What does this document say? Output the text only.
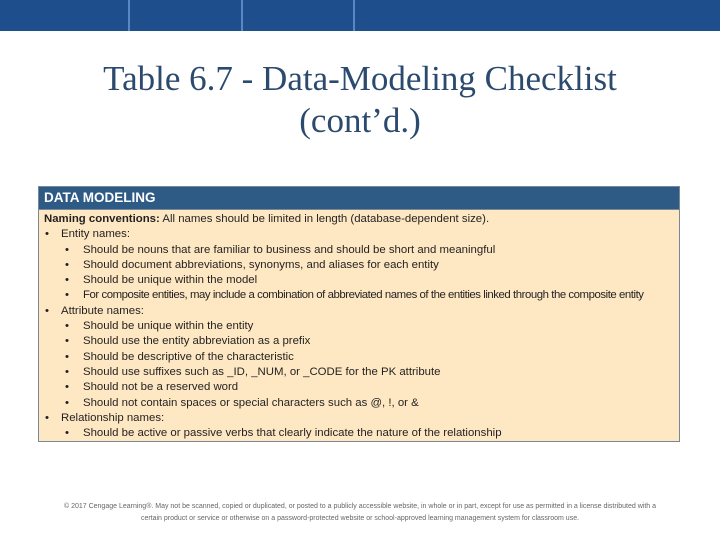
Table 6.7 - Data-Modeling Checklist
(cont’d.)
DATA MODELING
Naming conventions: All names should be limited in length (database-dependent size).
• Entity names:
• Should be nouns that are familiar to business and should be short and meaningful
• Should document abbreviations, synonyms, and aliases for each entity
• Should be unique within the model
• For composite entities, may include a combination of abbreviated names of the entities linked through the composite entity
• Attribute names:
• Should be unique within the entity
• Should use the entity abbreviation as a prefix
• Should be descriptive of the characteristic
• Should use suffixes such as _ID, _NUM, or _CODE for the PK attribute
• Should not be a reserved word
• Should not contain spaces or special characters such as @, !, or &
• Relationship names:
• Should be active or passive verbs that clearly indicate the nature of the relationship
© 2017 Cengage Learning®. May not be scanned, copied or duplicated, or posted to a publicly accessible website, in whole or in part, except for use as permitted in a license distributed with a
certain product or service or otherwise on a password-protected website or school-approved learning management system for classroom use.
